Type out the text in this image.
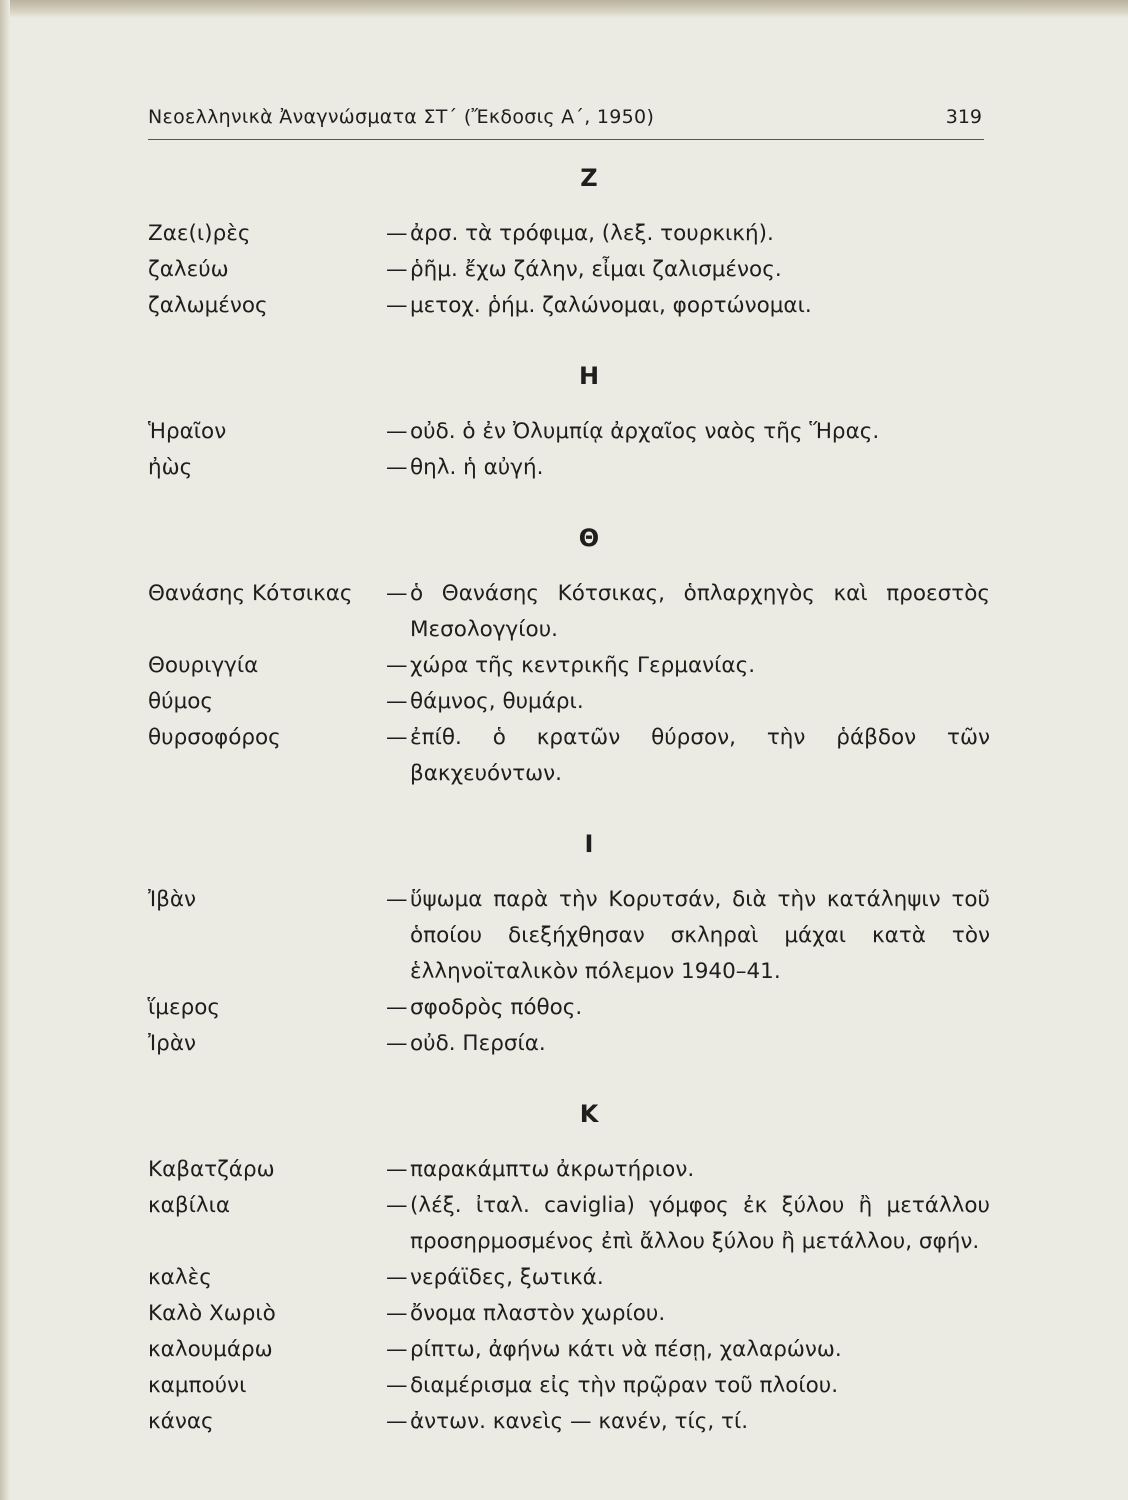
Νεοελληνικὰ Ἀναγνώσματα ΣΤ΄ (Ἔκδοσις Α΄, 1950)	319
Ζ
Ζαε(ι)ρὲς	— ἀρσ. τὰ τρόφιμα, (λεξ. τουρκική).
ζαλεύω	— ῥῆμ. ἔχω ζάλην, εἶμαι ζαλισμένος.
ζαλωμένος	— μετοχ. ῥήμ. ζαλώνομαι, φορτώνομαι.
Η
Ἡραῖον	— οὐδ. ὁ ἐν Ὀλυμπίᾳ ἀρχαῖος ναὸς τῆς Ἥρας.
ἠὼς	— θηλ. ἡ αὐγή.
Θ
Θανάσης Κότσικας	— ὁ Θανάσης Κότσικας, ὁπλαρχηγὸς καὶ προεστὸς Μεσολογγίου.
Θουριγγία	— χώρα τῆς κεντρικῆς Γερμανίας.
θύμος	— θάμνος, θυμάρι.
θυρσοφόρος	— ἐπίθ. ὁ κρατῶν θύρσον, τὴν ῥάβδον τῶν βακχευόντων.
Ι
Ἰβὰν	— ὕψωμα παρὰ τὴν Κορυτσάν, διὰ τὴν κατάληψιν τοῦ ὁποίου διεξήχθησαν σκληραὶ μάχαι κατὰ τὸν ἑλληνοϊταλικὸν πόλεμον 1940–41.
ἵμερος	— σφοδρὸς πόθος.
Ἰρὰν	— οὐδ. Περσία.
Κ
Καβατζάρω	— παρακάμπτω ἀκρωτήριον.
καβίλια	— (λέξ. ἰταλ. caviglia) γόμφος ἐκ ξύλου ἢ μετάλλου προσηρμοσμένος ἐπὶ ἄλλου ξύλου ἢ μετάλλου, σφήν.
καλὲς	— νεράϊδες, ξωτικά.
Καλὸ Χωριὸ	— ὄνομα πλαστὸν χωρίου.
καλουμάρω	— ρίπτω, ἀφήνω κάτι νὰ πέσῃ, χαλαρώνω.
καμπούνι	— διαμέρισμα εἰς τὴν πρῷραν τοῦ πλοίου.
κάνας	— ἀντων. κανεὶς — κανέν, τίς, τί.
